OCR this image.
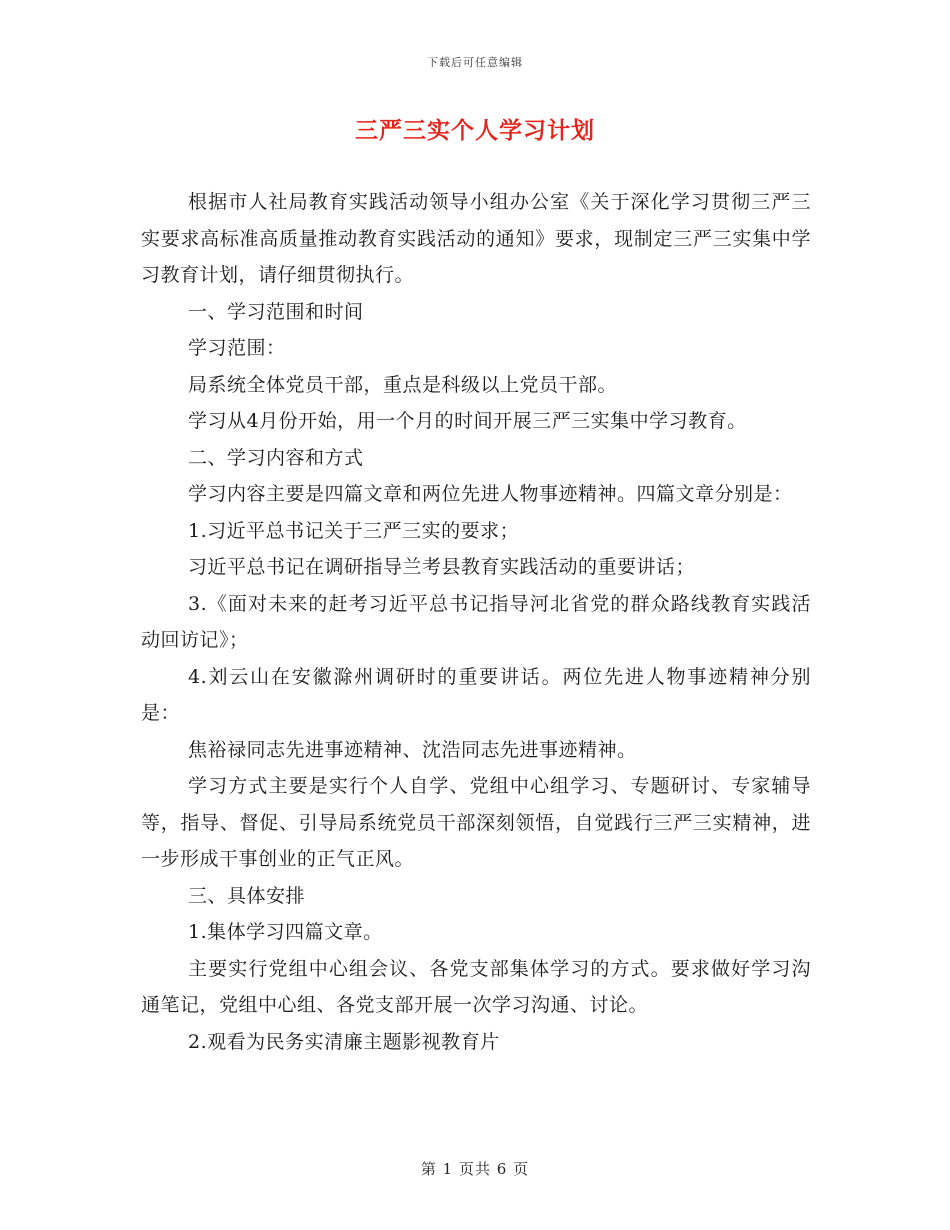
下载后可任意编辑
三严三实个人学习计划

根据市人社局教育实践活动领导小组办公室《关于深化学习贯彻三严三实要求高标准高质量推动教育实践活动的通知》要求，现制定三严三实集中学习教育计划，请仔细贯彻执行。

一、学习范围和时间

学习范围：

局系统全体党员干部，重点是科级以上党员干部。

学习从4月份开始，用一个月的时间开展三严三实集中学习教育。

二、学习内容和方式

学习内容主要是四篇文章和两位先进人物事迹精神。四篇文章分别是：

1.习近平总书记关于三严三实的要求；

习近平总书记在调研指导兰考县教育实践活动的重要讲话；

3.《面对未来的赶考习近平总书记指导河北省党的群众路线教育实践活动回访记》；

4.刘云山在安徽滁州调研时的重要讲话。两位先进人物事迹精神分别是：

焦裕禄同志先进事迹精神、沈浩同志先进事迹精神。

学习方式主要是实行个人自学、党组中心组学习、专题研讨、专家辅导等，指导、督促、引导局系统党员干部深刻领悟，自觉践行三严三实精神，进一步形成干事创业的正气正风。

三、具体安排

1.集体学习四篇文章。

主要实行党组中心组会议、各党支部集体学习的方式。要求做好学习沟通笔记，党组中心组、各党支部开展一次学习沟通、讨论。

2.观看为民务实清廉主题影视教育片

第 1 页共 6 页
